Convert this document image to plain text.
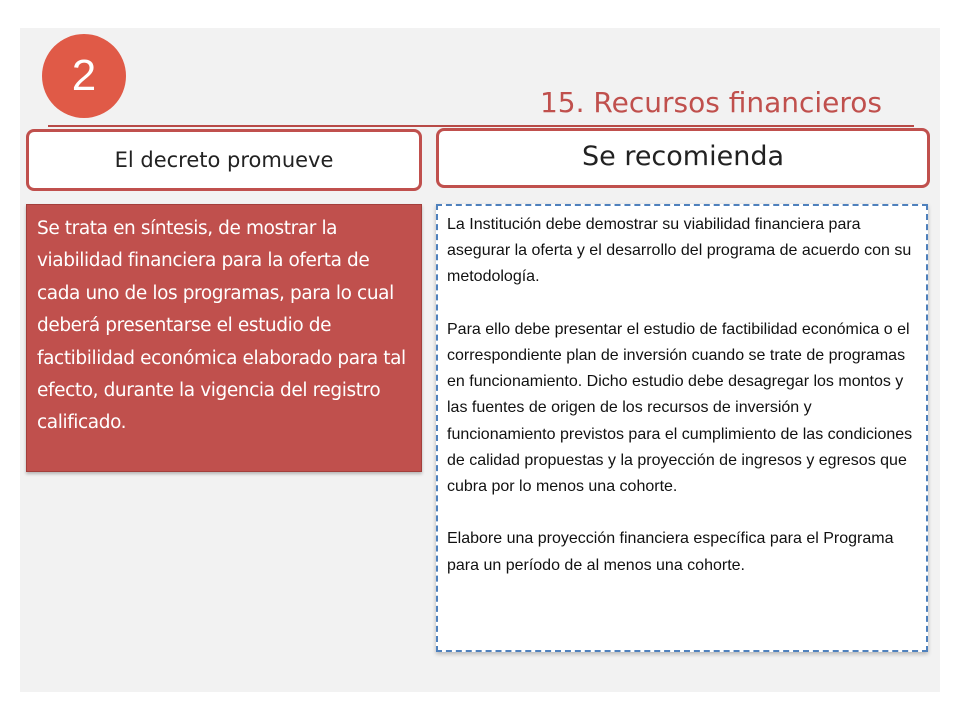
2
15. Recursos financieros
El decreto promueve	Se recomienda
Se trata en síntesis, de mostrar la viabilidad financiera para la oferta de cada uno de los programas, para lo cual deberá presentarse el estudio de factibilidad económica elaborado para tal efecto, durante la vigencia del registro calificado.

La Institución debe demostrar su viabilidad financiera para asegurar la oferta y el desarrollo del programa de acuerdo con su metodología.

Para ello debe presentar el estudio de factibilidad económica o el correspondiente plan de inversión cuando se trate de programas en funcionamiento. Dicho estudio debe desagregar los montos y las fuentes de origen de los recursos de inversión y funcionamiento previstos para el cumplimiento de las condiciones de calidad propuestas y la proyección de ingresos y egresos que cubra por lo menos una cohorte.

Elabore una proyección financiera específica para el Programa para un período de al menos una cohorte.
